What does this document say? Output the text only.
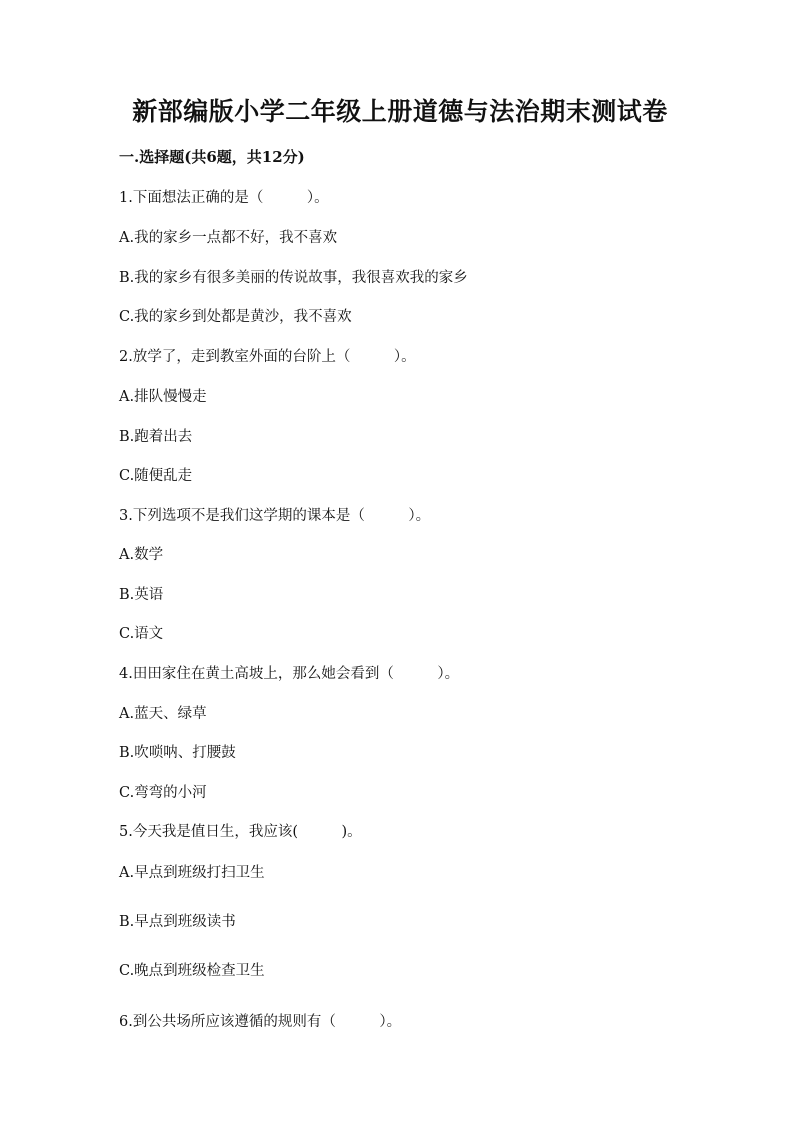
新部编版小学二年级上册道德与法治期末测试卷
一.选择题(共6题，共12分)
1.下面想法正确的是（　　　）。
A.我的家乡一点都不好，我不喜欢
B.我的家乡有很多美丽的传说故事，我很喜欢我的家乡
C.我的家乡到处都是黄沙，我不喜欢
2.放学了，走到教室外面的台阶上（　　　）。
A.排队慢慢走
B.跑着出去
C.随便乱走
3.下列选项不是我们这学期的课本是（　　　）。
A.数学
B.英语
C.语文
4.田田家住在黄土高坡上，那么她会看到（　　　）。
A.蓝天、绿草
B.吹唢呐、打腰鼓
C.弯弯的小河
5.今天我是值日生，我应该(　　　)。
A.早点到班级打扫卫生
B.早点到班级读书
C.晚点到班级检查卫生
6.到公共场所应该遵循的规则有（　　　）。
